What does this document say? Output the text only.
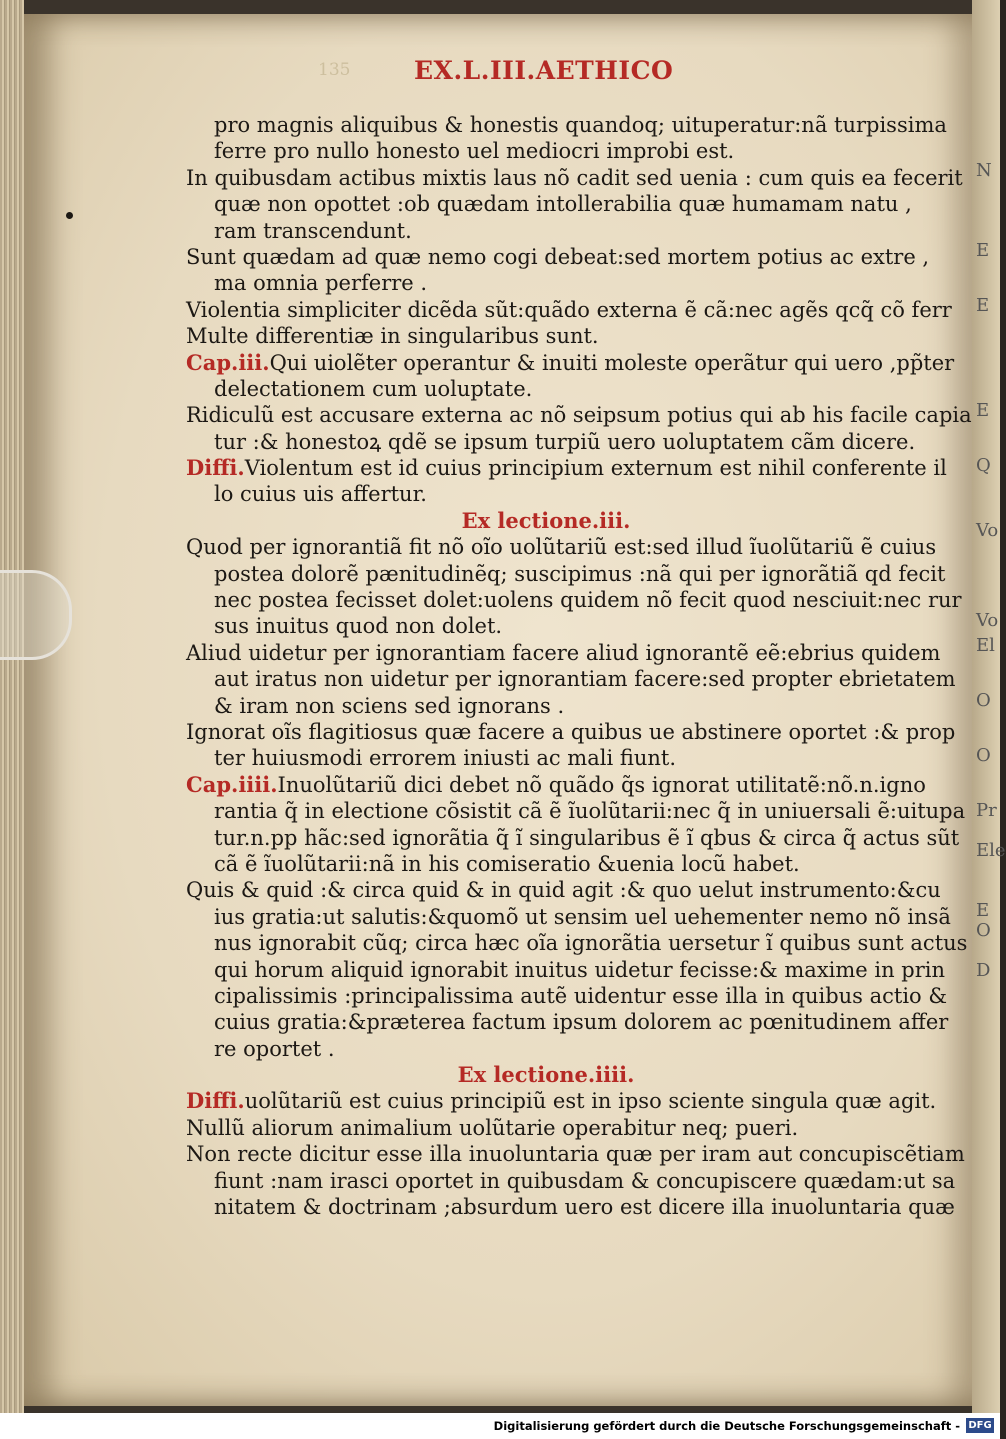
N
E
E
E
Q
Vo
Vo
El
O
O
Pr
Ele
E
O
D
135	EX.L.III.AETHICO
pro magnis aliquibus & honestis quandoq; uituperatur:nã turpissima
ferre pro nullo honesto uel mediocri improbi est.
In quibusdam actibus mixtis laus nõ cadit sed uenia : cum quis ea fecerit
quæ non opottet :ob quædam intollerabilia quæ humamam natu ,
ram transcendunt.
Sunt quædam ad quæ nemo cogi debeat:sed mortem potius ac extre ,
ma omnia perferre .
Violentia simpliciter dicẽda sũt:quãdo externa ẽ cã:nec agẽs qcq̃ cõ ferr
Multe differentiæ in singularibus sunt.
Cap.iii.Qui uiolẽter operantur & inuiti moleste operãtur qui uero ,pp̃ter
delectationem cum uoluptate.
Ridiculũ est accusare externa ac nõ seipsum potius qui ab his facile capia
tur :& honestoꝝ qdẽ se ipsum turpiũ uero uoluptatem cãm dicere.
Diffi.Violentum est id cuius principium externum est nihil conferente il
lo cuius uis affertur.
Ex lectione.iii.
Quod per ignorantiã fit nõ oĩo uolũtariũ est:sed illud ĩuolũtariũ ẽ cuius
postea dolorẽ pænitudinẽq; suscipimus :nã qui per ignorãtiã qd fecit
nec postea fecisset dolet:uolens quidem nõ fecit quod nesciuit:nec rur
sus inuitus quod non dolet.
Aliud uidetur per ignorantiam facere aliud ignorantẽ eẽ:ebrius quidem
aut iratus non uidetur per ignorantiam facere:sed propter ebrietatem
& iram non sciens sed ignorans .
Ignorat oĩs flagitiosus quæ facere a quibus ue abstinere oportet :& prop
ter huiusmodi errorem iniusti ac mali fiunt.
Cap.iiii.Inuolũtariũ dici debet nõ quãdo q̃s ignorat utilitatẽ:nõ.n.igno
rantia q̃ in electione cõsistit cã ẽ ĩuolũtarii:nec q̃ in uniuersali ẽ:uitupa
tur.n.pp hãc:sed ignorãtia q̃ ĩ singularibus ẽ ĩ qbus & circa q̃ actus sũt
cã ẽ ĩuolũtarii:nã in his comiseratio &uenia locũ habet.
Quis & quid :& circa quid & in quid agit :& quo uelut instrumento:&cu
ius gratia:ut salutis:&quomõ ut sensim uel uehementer nemo nõ insã
nus ignorabit cũq; circa hæc oĩa ignorãtia uersetur ĩ quibus sunt actus
qui horum aliquid ignorabit inuitus uidetur fecisse:& maxime in prin
cipalissimis :principalissima autẽ uidentur esse illa in quibus actio &
cuius gratia:&præterea factum ipsum dolorem ac pœnitudinem affer
re oportet .
Ex lectione.iiii.
Diffi.uolũtariũ est cuius principiũ est in ipso sciente singula quæ agit.
Nullũ aliorum animalium uolũtarie operabitur neq; pueri.
Non recte dicitur esse illa inuoluntaria quæ per iram aut concupiscẽtiam
fiunt :nam irasci oportet in quibusdam & concupiscere quædam:ut sa
nitatem & doctrinam ;absurdum uero est dicere illa inuoluntaria quæ
Digitalisierung gefördert durch die Deutsche Forschungsgemeinschaft - DFG
